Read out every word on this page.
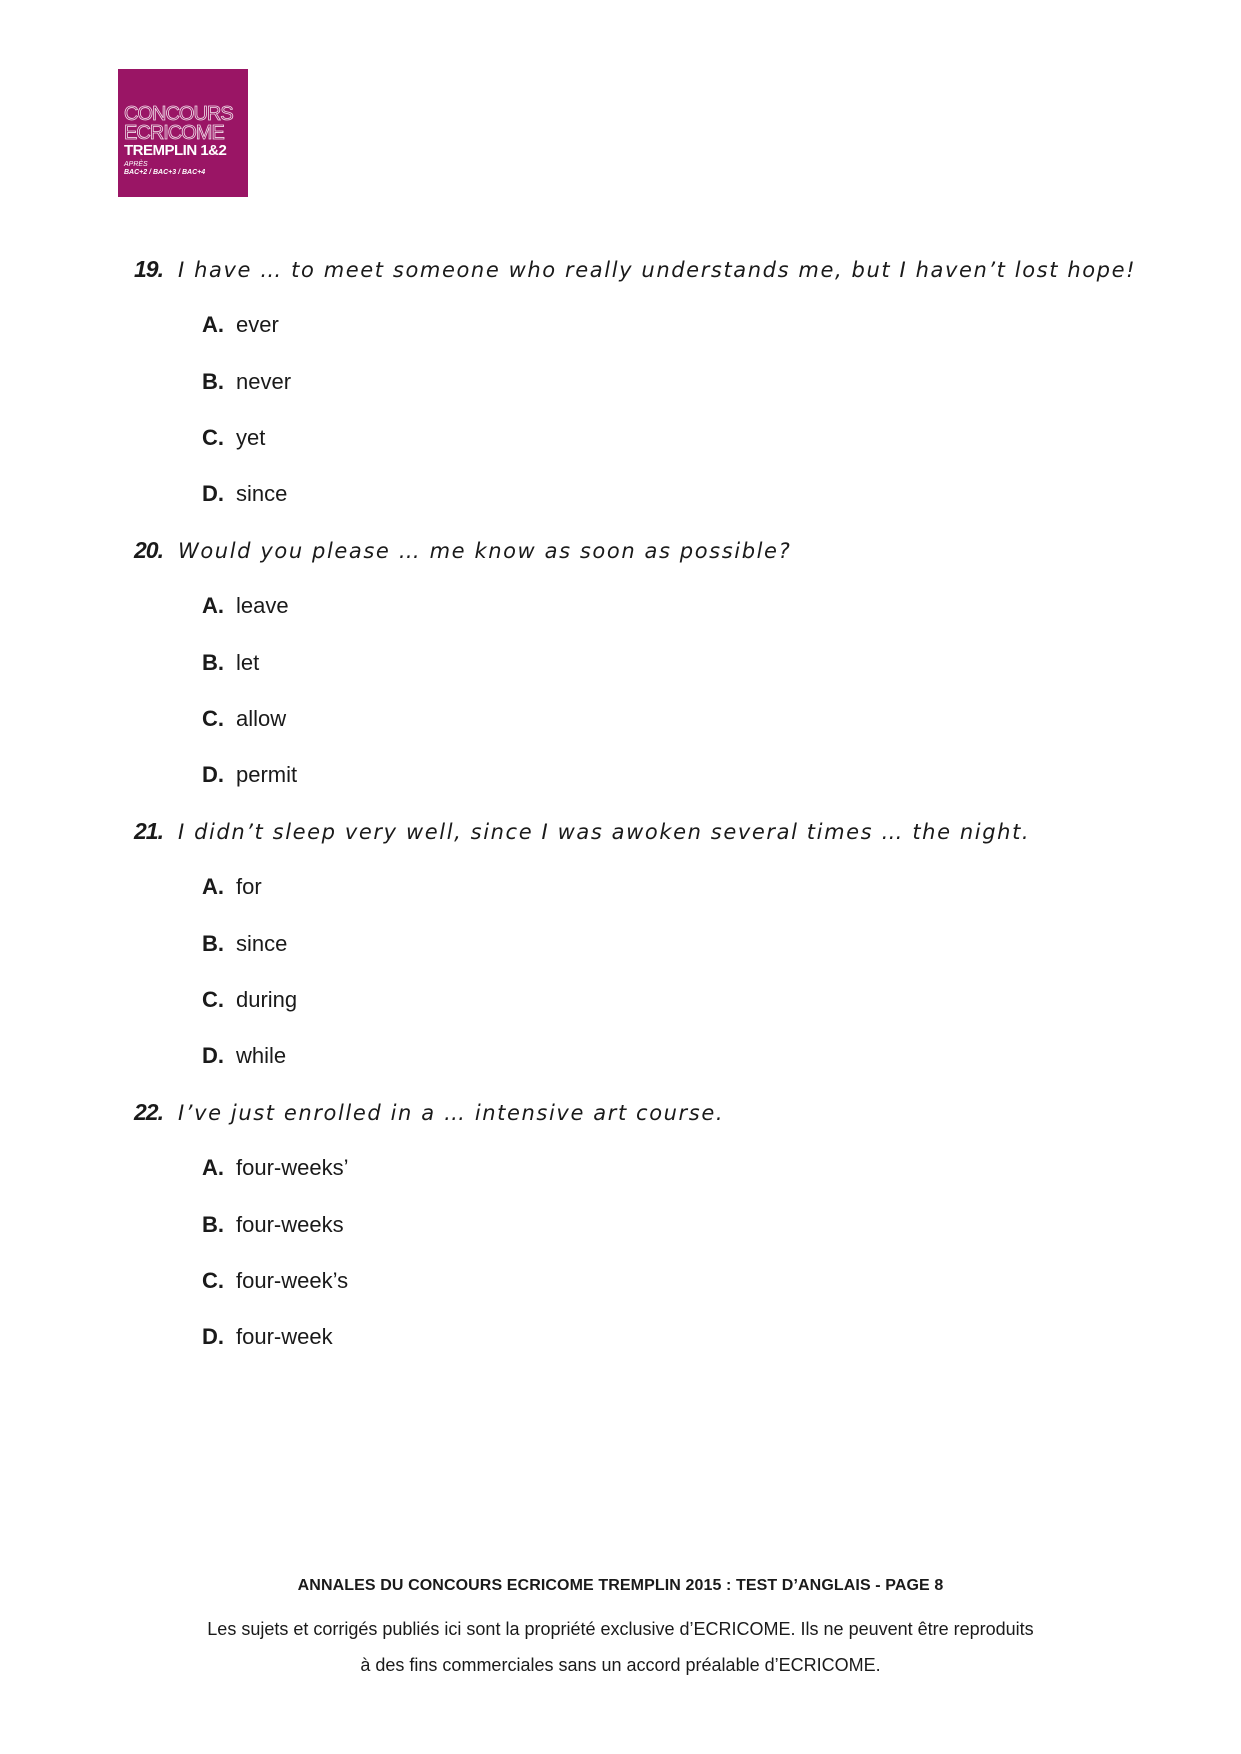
CONCOURS
ECRICOME
TREMPLIN 1&2
APRÈS
BAC+2 / BAC+3 / BAC+4
19. I have … to meet someone who really understands me, but I haven’t lost hope!
A. ever
B. never
C. yet
D. since
20. Would you please … me know as soon as possible?
A. leave
B. let
C. allow
D. permit
21. I didn’t sleep very well, since I was awoken several times … the night.
A. for
B. since
C. during
D. while
22. I’ve just enrolled in a … intensive art course.
A. four-weeks’
B. four-weeks
C. four-week’s
D. four-week
ANNALES DU CONCOURS ECRICOME TREMPLIN 2015 : TEST D’ANGLAIS - PAGE 8
Les sujets et corrigés publiés ici sont la propriété exclusive d’ECRICOME. Ils ne peuvent être reproduits
à des fins commerciales sans un accord préalable d’ECRICOME.
